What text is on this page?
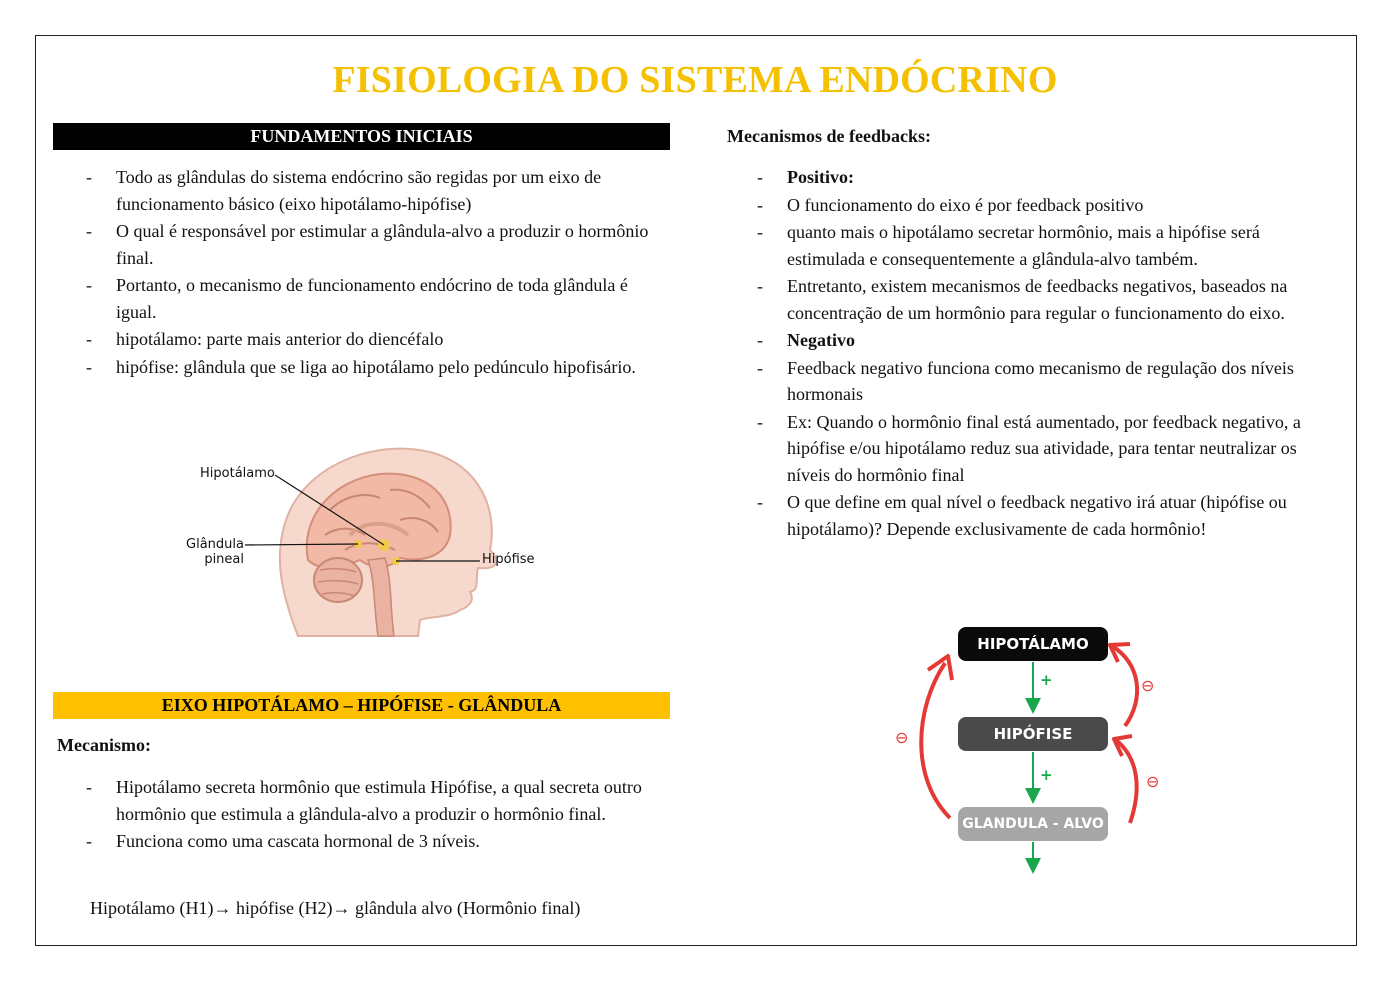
FISIOLOGIA DO SISTEMA ENDÓCRINO
FUNDAMENTOS INICIAIS
- Todo as glândulas do sistema endócrino são regidas por um eixo de funcionamento básico (eixo hipotálamo-hipófise)
- O qual é responsável por estimular a glândula-alvo a produzir o hormônio final.
- Portanto, o mecanismo de funcionamento endócrino de toda glândula é igual.
- hipotálamo: parte mais anterior do diencéfalo
- hipófise: glândula que se liga ao hipotálamo pelo pedúnculo hipofisário.
Hipotálamo
Glândula
pineal	Hipófise
EIXO HIPOTÁLAMO – HIPÓFISE - GLÂNDULA
Mecanismo:
- Hipotálamo secreta hormônio que estimula Hipófise, a qual secreta outro hormônio que estimula a glândula-alvo a produzir o hormônio final.
- Funciona como uma cascata hormonal de 3 níveis.
Hipotálamo (H1)→ hipófise (H2)→ glândula alvo (Hormônio final)
Mecanismos de feedbacks:
- Positivo:
- O funcionamento do eixo é por feedback positivo
- quanto mais o hipotálamo secretar hormônio, mais a hipófise será estimulada e consequentemente a glândula-alvo também.
- Entretanto, existem mecanismos de feedbacks negativos, baseados na concentração de um hormônio para regular o funcionamento do eixo.
- Negativo
- Feedback negativo funciona como mecanismo de regulação dos níveis hormonais
- Ex: Quando o hormônio final está aumentado, por feedback negativo, a hipófise e/ou hipotálamo reduz sua atividade, para tentar neutralizar os níveis do hormônio final
- O que define em qual nível o feedback negativo irá atuar (hipófise ou hipotálamo)? Depende exclusivamente de cada hormônio!
HIPOTÁLAMO
HIPÓFISE
GLANDULA - ALVO
+
+
⊖
⊖
⊖
